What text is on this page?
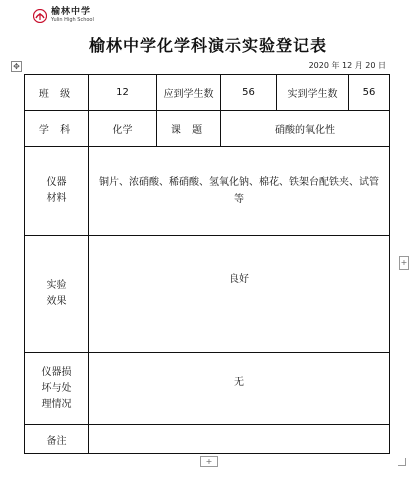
榆林中学
Yulin High School
榆林中学化学科演示实验登记表
✥	2020 年 12 月 20 日
班 级	12	应到学生数	56	实到学生数	56
学 科	化学	课 题	硝酸的氧化性		
仪器材料	铜片、浓硝酸、稀硝酸、氢氧化钠、棉花、铁架台配铁夹、试管等				
实验效果	良好				
仪器损坏与处理情况	无				
备注					
+
+
